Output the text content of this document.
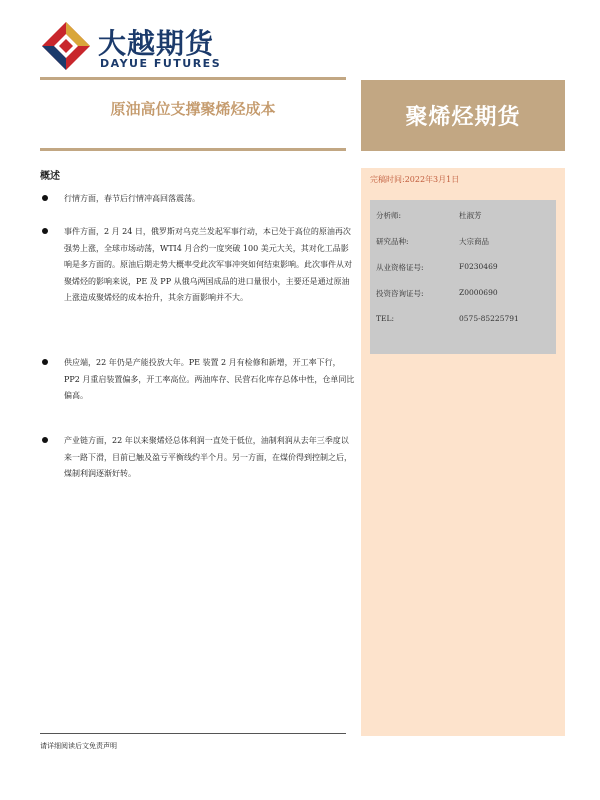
大越期货
DAYUE FUTURES
原油高位支撑聚烯烃成本	聚烯烃期货
概述
行情方面，春节后行情冲高回落震荡。
事件方面，2 月 24 日，俄罗斯对乌克兰发起军事行动，本已处于高位的原油再次强势上涨，全球市场动荡，WTI4 月合约一度突破 100 美元大关，其对化工品影响是多方面的。原油后期走势大概率受此次军事冲突如何结束影响。此次事件从对聚烯烃的影响来说，PE 及 PP 从俄乌两国成品的进口量很小，主要还是通过原油上涨造成聚烯烃的成本抬升，其余方面影响并不大。
供应端，22 年仍是产能投放大年。PE 装置 2 月有检修和新增，开工率下行，PP2 月重启装置偏多，开工率高位。两油库存、民营石化库存总体中性，仓单同比偏高。
产业链方面，22 年以来聚烯烃总体利润一直处于低位，油制利润从去年三季度以来一路下滑，目前已触及盈亏平衡线约半个月。另一方面，在煤价得到控制之后，煤制利润逐渐好转。
完稿时间:2022年3月1日
分析师:	杜淑芳
研究品种:	大宗商品
从业资格证号:	F0230469
投资咨询证号:	Z0000690
TEL:	0575-85225791
请详细阅读后文免责声明
